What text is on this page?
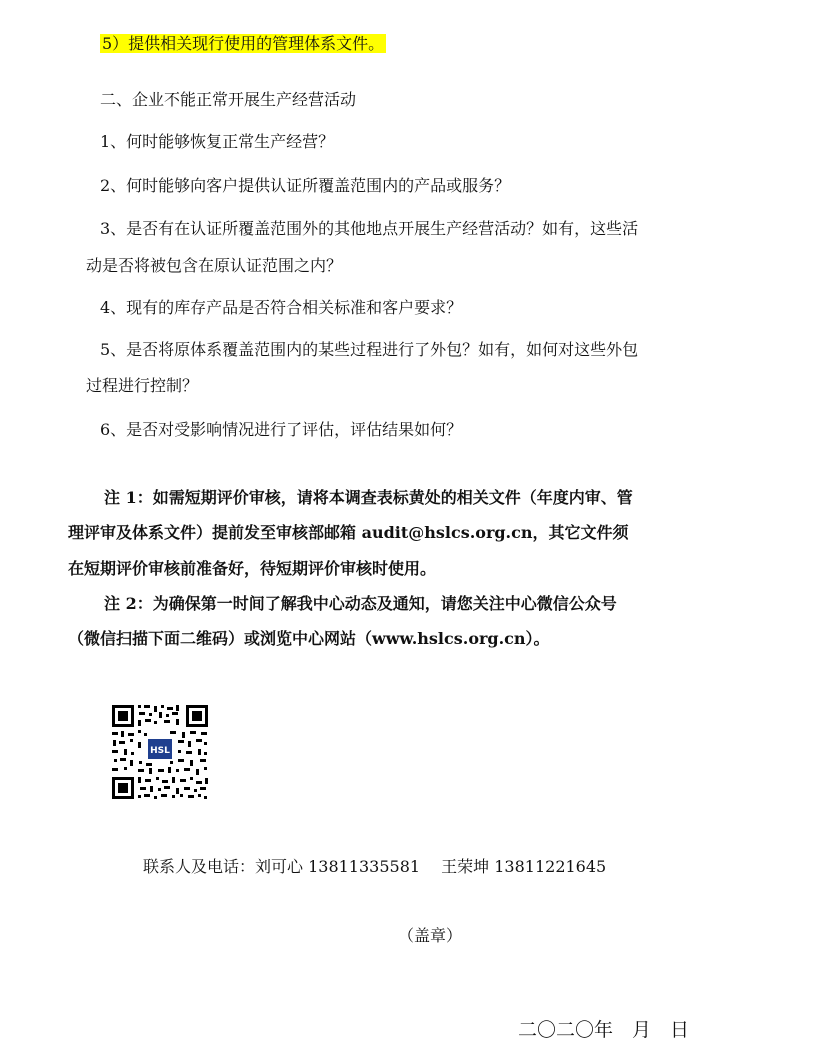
5）提供相关现行使用的管理体系文件。
二、企业不能正常开展生产经营活动
1、何时能够恢复正常生产经营？
2、何时能够向客户提供认证所覆盖范围内的产品或服务？
3、是否有在认证所覆盖范围外的其他地点开展生产经营活动？如有，这些活
动是否将被包含在原认证范围之内？
4、现有的库存产品是否符合相关标准和客户要求？
5、是否将原体系覆盖范围内的某些过程进行了外包？如有，如何对这些外包
过程进行控制？
6、是否对受影响情况进行了评估，评估结果如何？
注 1：如需短期评价审核，请将本调查表标黄处的相关文件（年度内审、管
理评审及体系文件）提前发至审核部邮箱 audit@hslcs.org.cn，其它文件须
在短期评价审核前准备好，待短期评价审核时使用。
注 2：为确保第一时间了解我中心动态及通知，请您关注中心微信公众号
（微信扫描下面二维码）或浏览中心网站（www.hslcs.org.cn）。
HSL
联系人及电话：刘可心 13811335581　 王荣坤 13811221645
（盖章）
二〇二〇年　月　日
